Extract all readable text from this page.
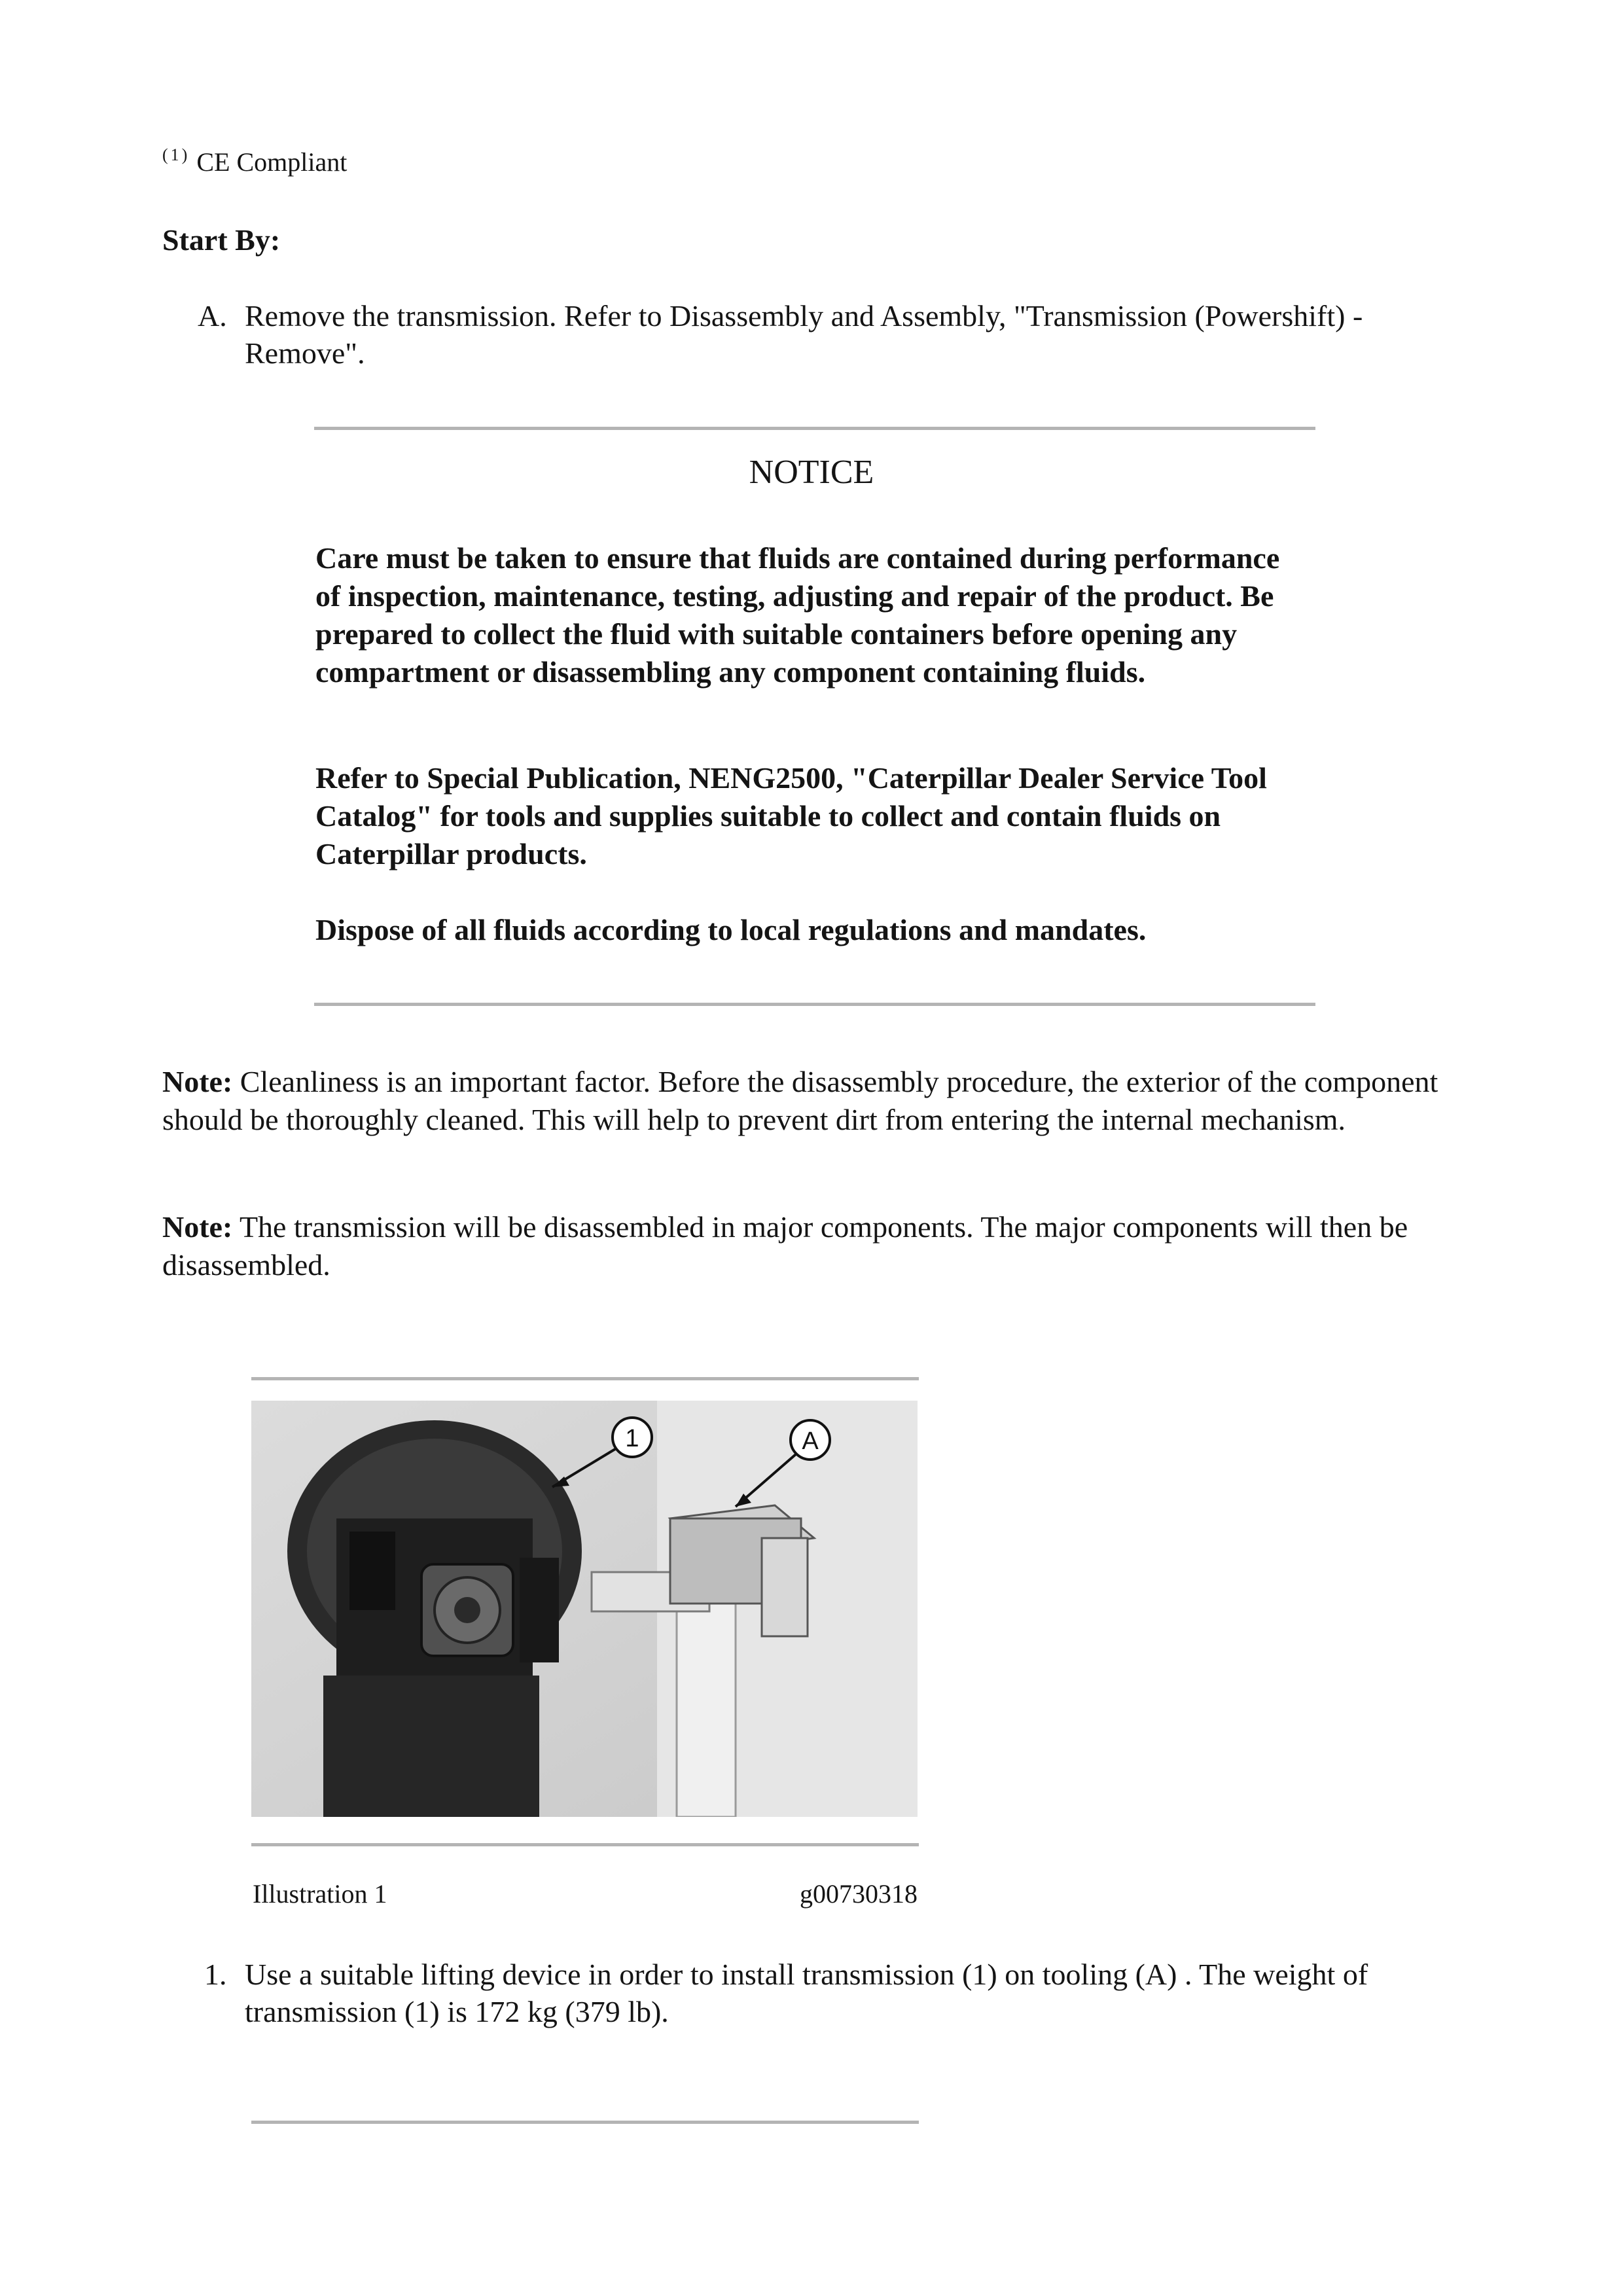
$^{(1)}$ CE Compliant
Start By:
A. Remove the transmission. Refer to Disassembly and Assembly, "Transmission (Powershift) - Remove".
NOTICE
Care must be taken to ensure that fluids are contained during performance of inspection, maintenance, testing, adjusting and repair of the product. Be prepared to collect the fluid with suitable containers before opening any compartment or disassembling any component containing fluids.
Refer to Special Publication, NENG2500, "Caterpillar Dealer Service Tool Catalog" for tools and supplies suitable to collect and contain fluids on Caterpillar products.
Dispose of all fluids according to local regulations and mandates.
Note: Cleanliness is an important factor. Before the disassembly procedure, the exterior of the component should be thoroughly cleaned. This will help to prevent dirt from entering the internal mechanism.
Note: The transmission will be disassembled in major components. The major components will then be disassembled.
1	A
Illustration 1	g00730318
1. Use a suitable lifting device in order to install transmission (1) on tooling (A) . The weight of transmission (1) is 172 kg (379 lb).
